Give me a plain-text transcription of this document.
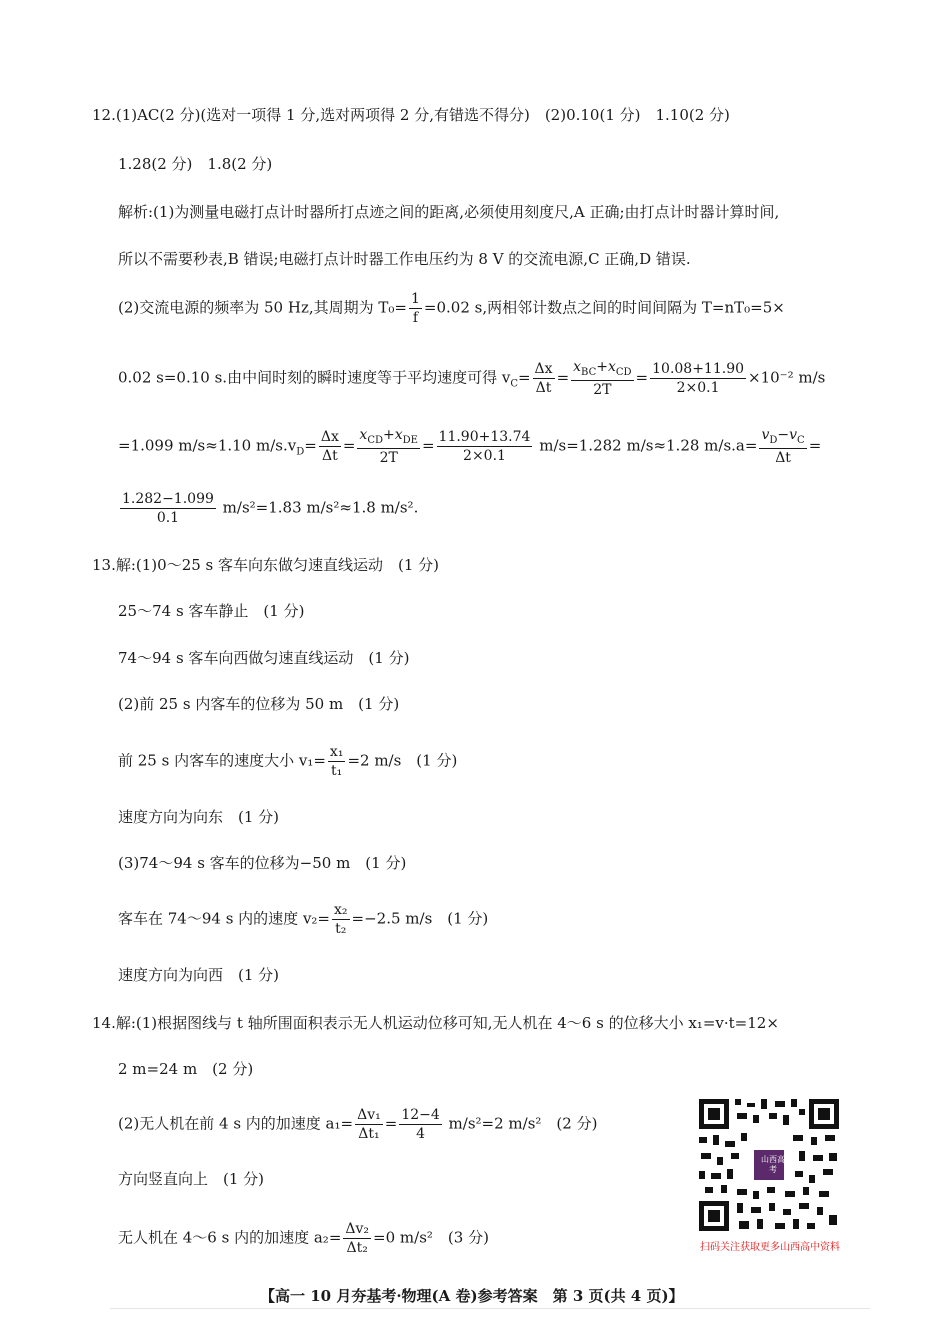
12.(1)AC(2 分)(选对一项得 1 分,选对两项得 2 分,有错选不得分)　(2)0.10(1 分)　1.10(2 分)
1.28(2 分)　1.8(2 分)
解析:(1)为测量电磁打点计时器所打点迹之间的距离,必须使用刻度尺,A 正确;由打点计时器计算时间,
所以不需要秒表,B 错误;电磁打点计时器工作电压约为 8 V 的交流电源,C 正确,D 错误.
(2)交流电源的频率为 50 Hz,其周期为 $T_0= \frac{1}{f} =0.02$ s,两相邻计数点之间的时间间隔为 T=nT₀=5×
0.02 s=0.10 s.由中间时刻的瞬时速度等于平均速度可得 $v_C= \frac{\Delta x}{\Delta t} = \frac{x_{BC}+x_{CD}}{2T} = \frac{10.08+11.90}{2\times 0.1} \times 10^{-2}$ m/s
=1.099 m/s≈1.10 $m/s.v_D= \frac{\Delta x}{\Delta t} = \frac{x_{CD}+x_{DE}}{2T} = \frac{11.90+13.74}{2\times 0.1} m/s=1.282$ m/s≈1.28 $m/s.a= \frac{v_D-v_C}{\Delta t}$ =
$\frac{1.282-1.099}{0.1} m/s^2=1.83$ m/s²≈1.8 m/s².
13.解:(1)0～25 s 客车向东做匀速直线运动　(1 分)
25～74 s 客车静止　(1 分)
74～94 s 客车向西做匀速直线运动　(1 分)
(2)前 25 s 内客车的位移为 50 m　(1 分)
前 25 s 内客车的速度大小 $v_1= \frac{\text{x₁}}{\text{t₁}} =2$ m/s　(1 分)
速度方向为向东　(1 分)
(3)74～94 s 客车的位移为−50 m　(1 分)
客车在 74～94 s 内的速度 $v_2= \frac{\text{x₂}}{\text{t₂}} =-2.5$ m/s　(1 分)
速度方向为向西　(1 分)
14.解:(1)根据图线与 t 轴所围面积表示无人机运动位移可知,无人机在 4～6 s 的位移大小 x₁=v·t=12×
2 m=24 m　(2 分)
(2)无人机在前 4 s 内的加速度 $a_1= \frac{\text{Δv₁}}{\text{Δt₁}} = \frac{12-4}{4} m/s^2=2$ m/s²　(2 分)
方向竖直向上　(1 分)
无人机在 4～6 s 内的加速度 $a_2= \frac{\text{Δv₂}}{\text{Δt₂}} =0$ m/s²　(3 分)
山西高考
扫码关注获取更多山西高中资料
【高一 10 月夯基考·物理(A 卷)参考答案　第 3 页(共 4 页)】
